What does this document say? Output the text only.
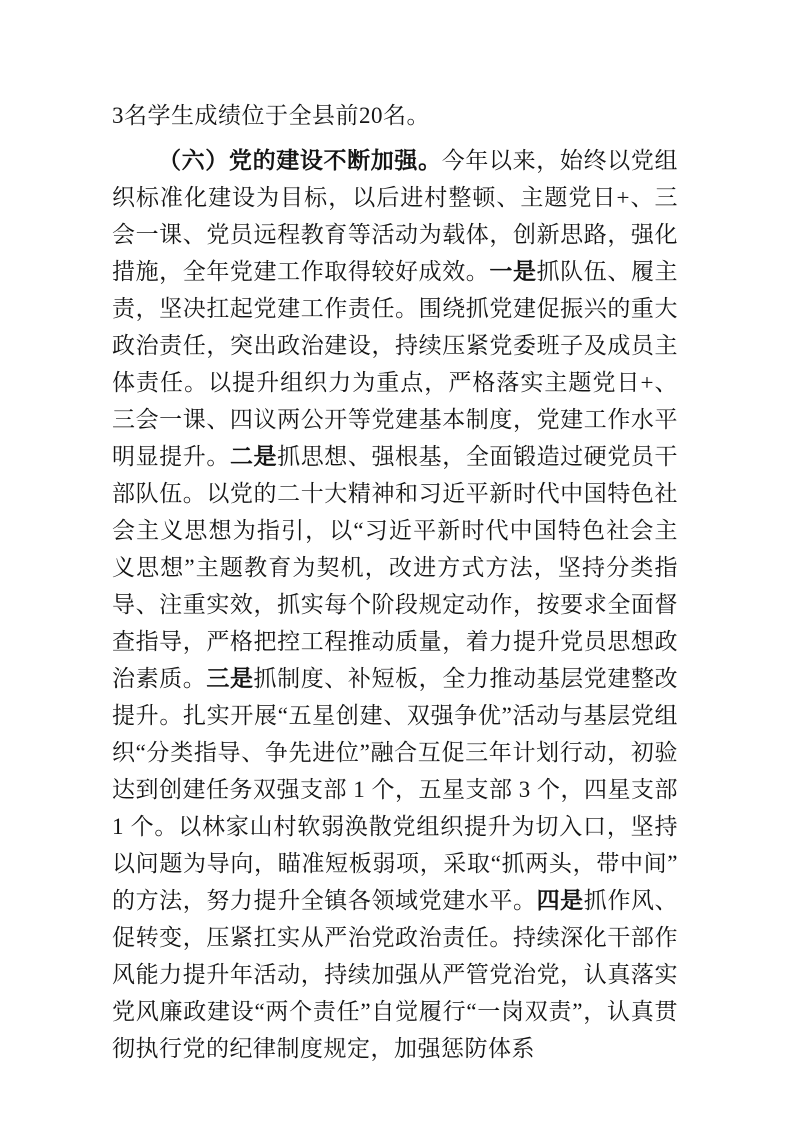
3名学生成绩位于全县前20名。

（六）党的建设不断加强。今年以来，始终以党组织标准化建设为目标，以后进村整顿、主题党日+、三会一课、党员远程教育等活动为载体，创新思路，强化措施，全年党建工作取得较好成效。一是抓队伍、履主责，坚决扛起党建工作责任。围绕抓党建促振兴的重大政治责任，突出政治建设，持续压紧党委班子及成员主体责任。以提升组织力为重点，严格落实主题党日+、三会一课、四议两公开等党建基本制度，党建工作水平明显提升。二是抓思想、强根基，全面锻造过硬党员干部队伍。以党的二十大精神和习近平新时代中国特色社会主义思想为指引，以“习近平新时代中国特色社会主义思想”主题教育为契机，改进方式方法，坚持分类指导、注重实效，抓实每个阶段规定动作，按要求全面督查指导，严格把控工程推动质量，着力提升党员思想政治素质。三是抓制度、补短板，全力推动基层党建整改提升。扎实开展“五星创建、双强争优”活动与基层党组织“分类指导、争先进位”融合互促三年计划行动，初验达到创建任务双强支部 1 个，五星支部 3 个，四星支部 1 个。以林家山村软弱涣散党组织提升为切入口，坚持以问题为导向，瞄准短板弱项，采取“抓两头，带中间”的方法，努力提升全镇各领域党建水平。四是抓作风、促转变，压紧扛实从严治党政治责任。持续深化干部作风能力提升年活动，持续加强从严管党治党，认真落实党风廉政建设“两个责任”自觉履行“一岗双责”，认真贯彻执行党的纪律制度规定，加强惩防体系
